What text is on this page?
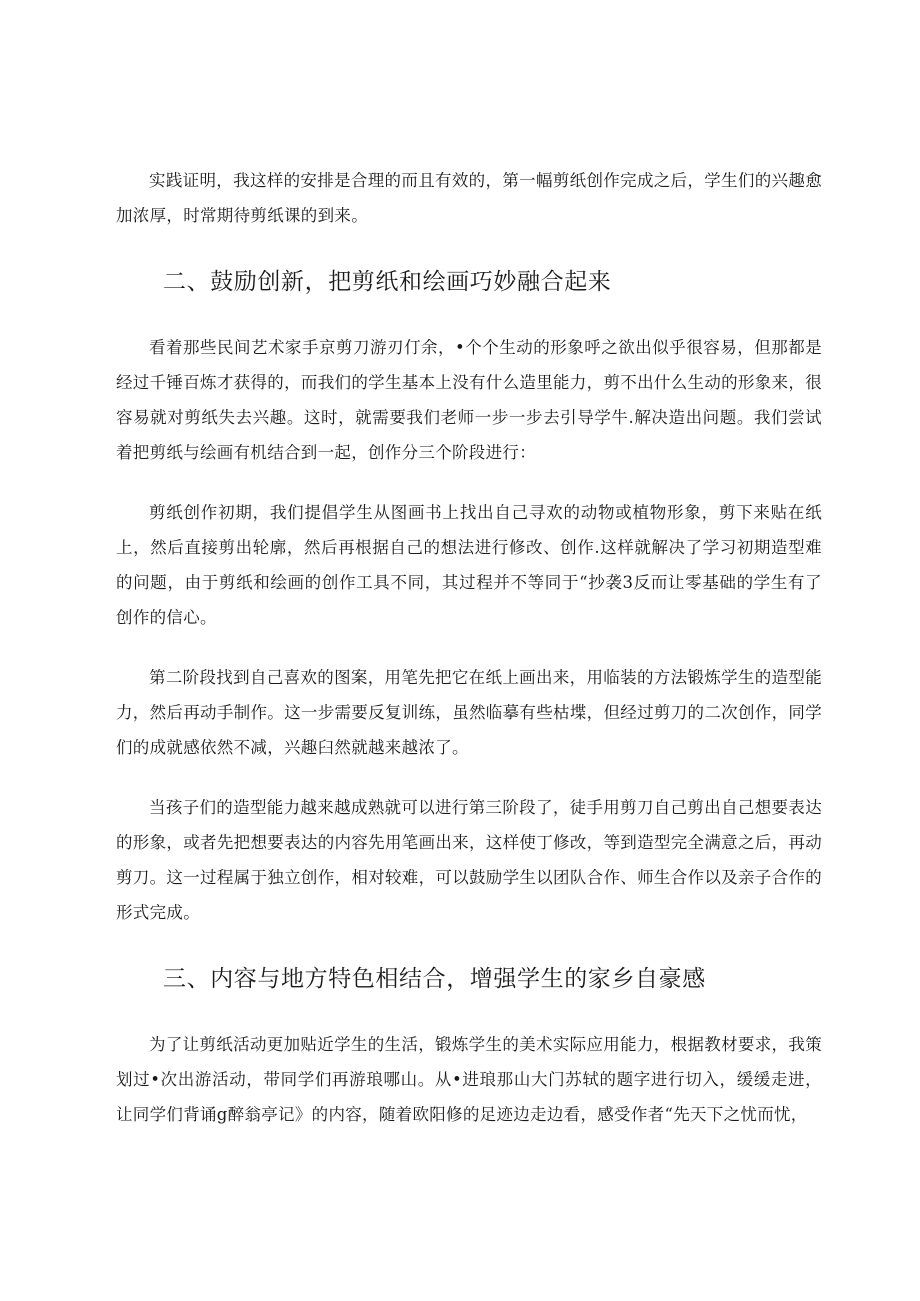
实践证明，我这样的安排是合理的而且有效的，第一幅剪纸创作完成之后，学生们的兴趣愈加浓厚，时常期待剪纸课的到来。

二、鼓励创新，把剪纸和绘画巧妙融合起来

看着那些民间艺术家手京剪刀游刃仃余，•个个生动的形象呼之欲出似乎很容易，但那都是经过千锤百炼才获得的，而我们的学生基本上没有什么造里能力，剪不出什么生动的形象来，很容易就对剪纸失去兴趣。这时，就需要我们老师一步一步去引导学牛.解决造出问题。我们尝试着把剪纸与绘画有机结合到一起，创作分三个阶段进行：

剪纸创作初期，我们提倡学生从图画书上找出自己寻欢的动物或植物形象，剪下来贴在纸上，然后直接剪出轮廓，然后再根据自己的想法进行修改、创作.这样就解决了学习初期造型难的问题，由于剪纸和绘画的创作工具不同，其过程并不等同于“抄袭3反而让零基础的学生有了创作的信心。

第二阶段找到自己喜欢的图案，用笔先把它在纸上画出来，用临装的方法锻炼学生的造型能力，然后再动手制作。这一步需要反复训练，虽然临摹有些枯堞，但经过剪刀的二次创作，同学们的成就感依然不减，兴趣臼然就越来越浓了。

当孩子们的造型能力越来越成熟就可以进行第三阶段了，徒手用剪刀自己剪出自己想要表达的形象，或者先把想要表达的内容先用笔画出来，这样使丁修改，等到造型完全满意之后，再动剪刀。这一过程属于独立创作，相对较难，可以鼓励学生以团队合作、师生合作以及亲子合作的形式完成。

三、内容与地方特色相结合，增强学生的家乡自豪感

为了让剪纸活动更加贴近学生的生活，锻炼学生的美术实际应用能力，根据教材要求，我策划过•次出游活动，带同学们再游琅哪山。从•进琅那山大门苏轼的题字进行切入，缓缓走进，让同学们背诵g醉翁亭记》的内容，随着欧阳修的足迹边走边看，感受作者“先天下之忧而忧，
